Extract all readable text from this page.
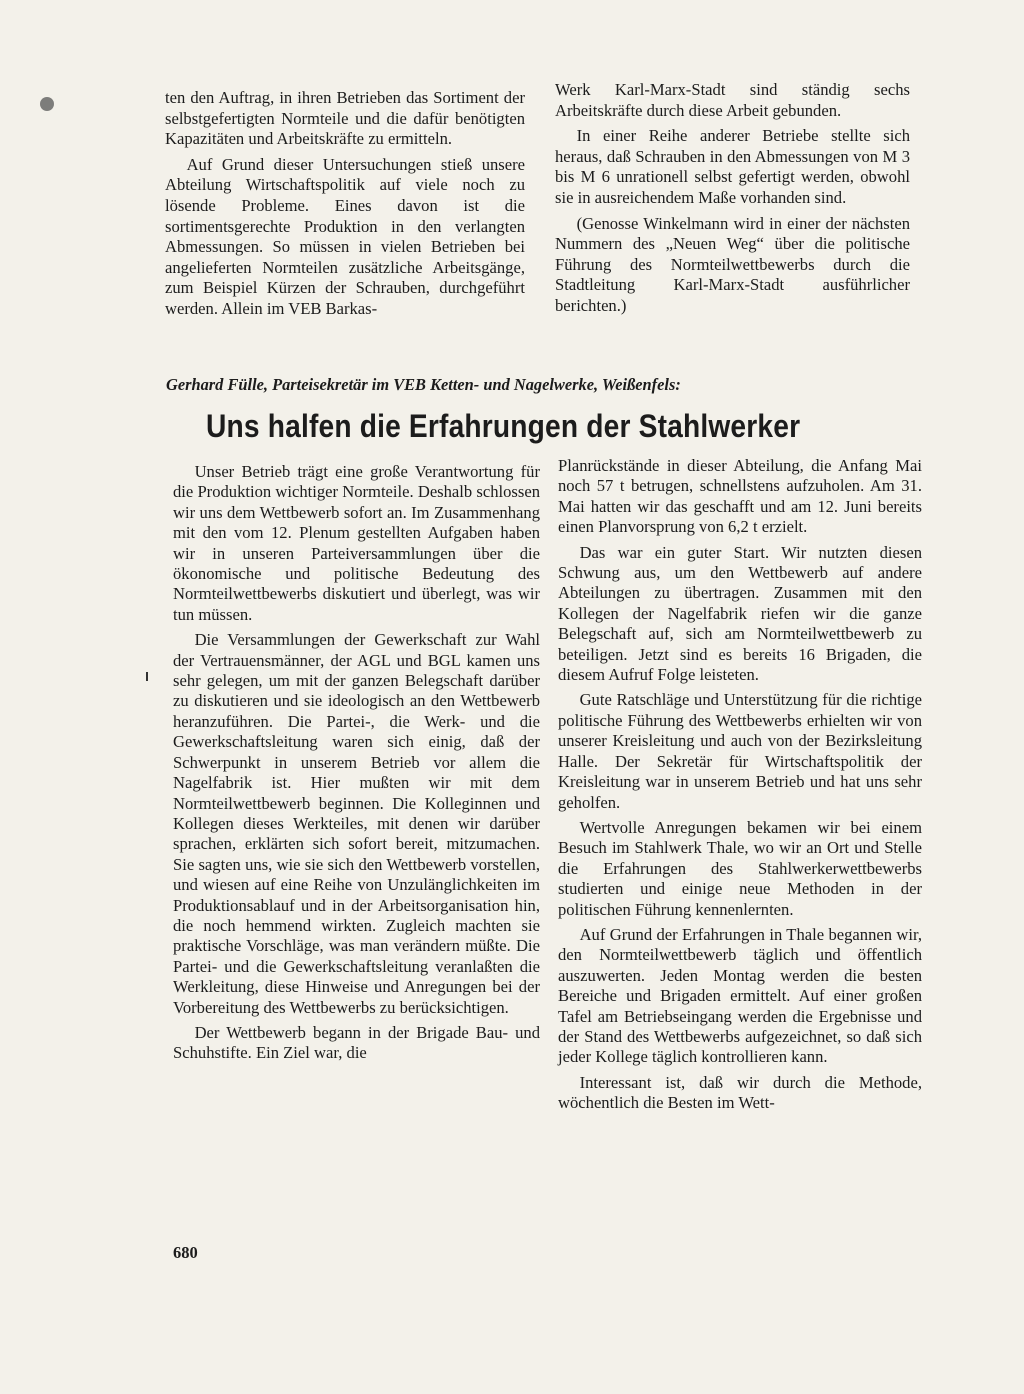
ten den Auftrag, in ihren Betrieben das Sortiment der selbstgefertigten Normteile und die dafür benötigten Kapazitäten und Arbeitskräfte zu ermitteln.

Auf Grund dieser Untersuchungen stieß unsere Abteilung Wirtschaftspolitik auf viele noch zu lösende Probleme. Eines davon ist die sortimentsgerechte Produktion in den verlangten Abmessungen. So müssen in vielen Betrieben bei angelieferten Normteilen zusätzliche Arbeitsgänge, zum Beispiel Kürzen der Schrauben, durchgeführt werden. Allein im VEB Barkas-

Werk Karl-Marx-Stadt sind ständig sechs Arbeitskräfte durch diese Arbeit gebunden.

In einer Reihe anderer Betriebe stellte sich heraus, daß Schrauben in den Abmessungen von M 3 bis M 6 unrationell selbst gefertigt werden, obwohl sie in ausreichendem Maße vorhanden sind.

(Genosse Winkelmann wird in einer der nächsten Nummern des „Neuen Weg“ über die politische Führung des Normteilwettbewerbs durch die Stadtleitung Karl-Marx-Stadt ausführlicher berichten.)

Gerhard Fülle, Parteisekretär im VEB Ketten- und Nagelwerke, Weißenfels:
Uns halfen die Erfahrungen der Stahlwerker

Unser Betrieb trägt eine große Verantwortung für die Produktion wichtiger Normteile. Deshalb schlossen wir uns dem Wettbewerb sofort an. Im Zusammenhang mit den vom 12. Plenum gestellten Aufgaben haben wir in unseren Parteiversammlungen über die ökonomische und politische Bedeutung des Normteilwettbewerbs diskutiert und überlegt, was wir tun müssen.

Die Versammlungen der Gewerkschaft zur Wahl der Vertrauensmänner, der AGL und BGL kamen uns sehr gelegen, um mit der ganzen Belegschaft darüber zu diskutieren und sie ideologisch an den Wettbewerb heranzuführen. Die Partei-, die Werk- und die Gewerkschaftsleitung waren sich einig, daß der Schwerpunkt in unserem Betrieb vor allem die Nagelfabrik ist. Hier mußten wir mit dem Normteilwettbewerb beginnen. Die Kolleginnen und Kollegen dieses Werkteiles, mit denen wir darüber sprachen, erklärten sich sofort bereit, mitzumachen. Sie sagten uns, wie sie sich den Wettbewerb vorstellen, und wiesen auf eine Reihe von Unzulänglichkeiten im Produktionsablauf und in der Arbeitsorganisation hin, die noch hemmend wirkten. Zugleich machten sie praktische Vorschläge, was man verändern müßte. Die Partei- und die Gewerkschaftsleitung veranlaßten die Werkleitung, diese Hinweise und Anregungen bei der Vorbereitung des Wettbewerbs zu berücksichtigen.

Der Wettbewerb begann in der Brigade Bau- und Schuhstifte. Ein Ziel war, die

Planrückstände in dieser Abteilung, die Anfang Mai noch 57 t betrugen, schnellstens aufzuholen. Am 31. Mai hatten wir das geschafft und am 12. Juni bereits einen Planvorsprung von 6,2 t erzielt.

Das war ein guter Start. Wir nutzten diesen Schwung aus, um den Wettbewerb auf andere Abteilungen zu übertragen. Zusammen mit den Kollegen der Nagelfabrik riefen wir die ganze Belegschaft auf, sich am Normteilwettbewerb zu beteiligen. Jetzt sind es bereits 16 Brigaden, die diesem Aufruf Folge leisteten.

Gute Ratschläge und Unterstützung für die richtige politische Führung des Wettbewerbs erhielten wir von unserer Kreisleitung und auch von der Bezirksleitung Halle. Der Sekretär für Wirtschaftspolitik der Kreisleitung war in unserem Betrieb und hat uns sehr geholfen.

Wertvolle Anregungen bekamen wir bei einem Besuch im Stahlwerk Thale, wo wir an Ort und Stelle die Erfahrungen des Stahlwerkerwettbewerbs studierten und einige neue Methoden in der politischen Führung kennenlernten.

Auf Grund der Erfahrungen in Thale begannen wir, den Normteilwettbewerb täglich und öffentlich auszuwerten. Jeden Montag werden die besten Bereiche und Brigaden ermittelt. Auf einer großen Tafel am Betriebseingang werden die Ergebnisse und der Stand des Wettbewerbs aufgezeichnet, so daß sich jeder Kollege täglich kontrollieren kann.

Interessant ist, daß wir durch die Methode, wöchentlich die Besten im Wett-

680
